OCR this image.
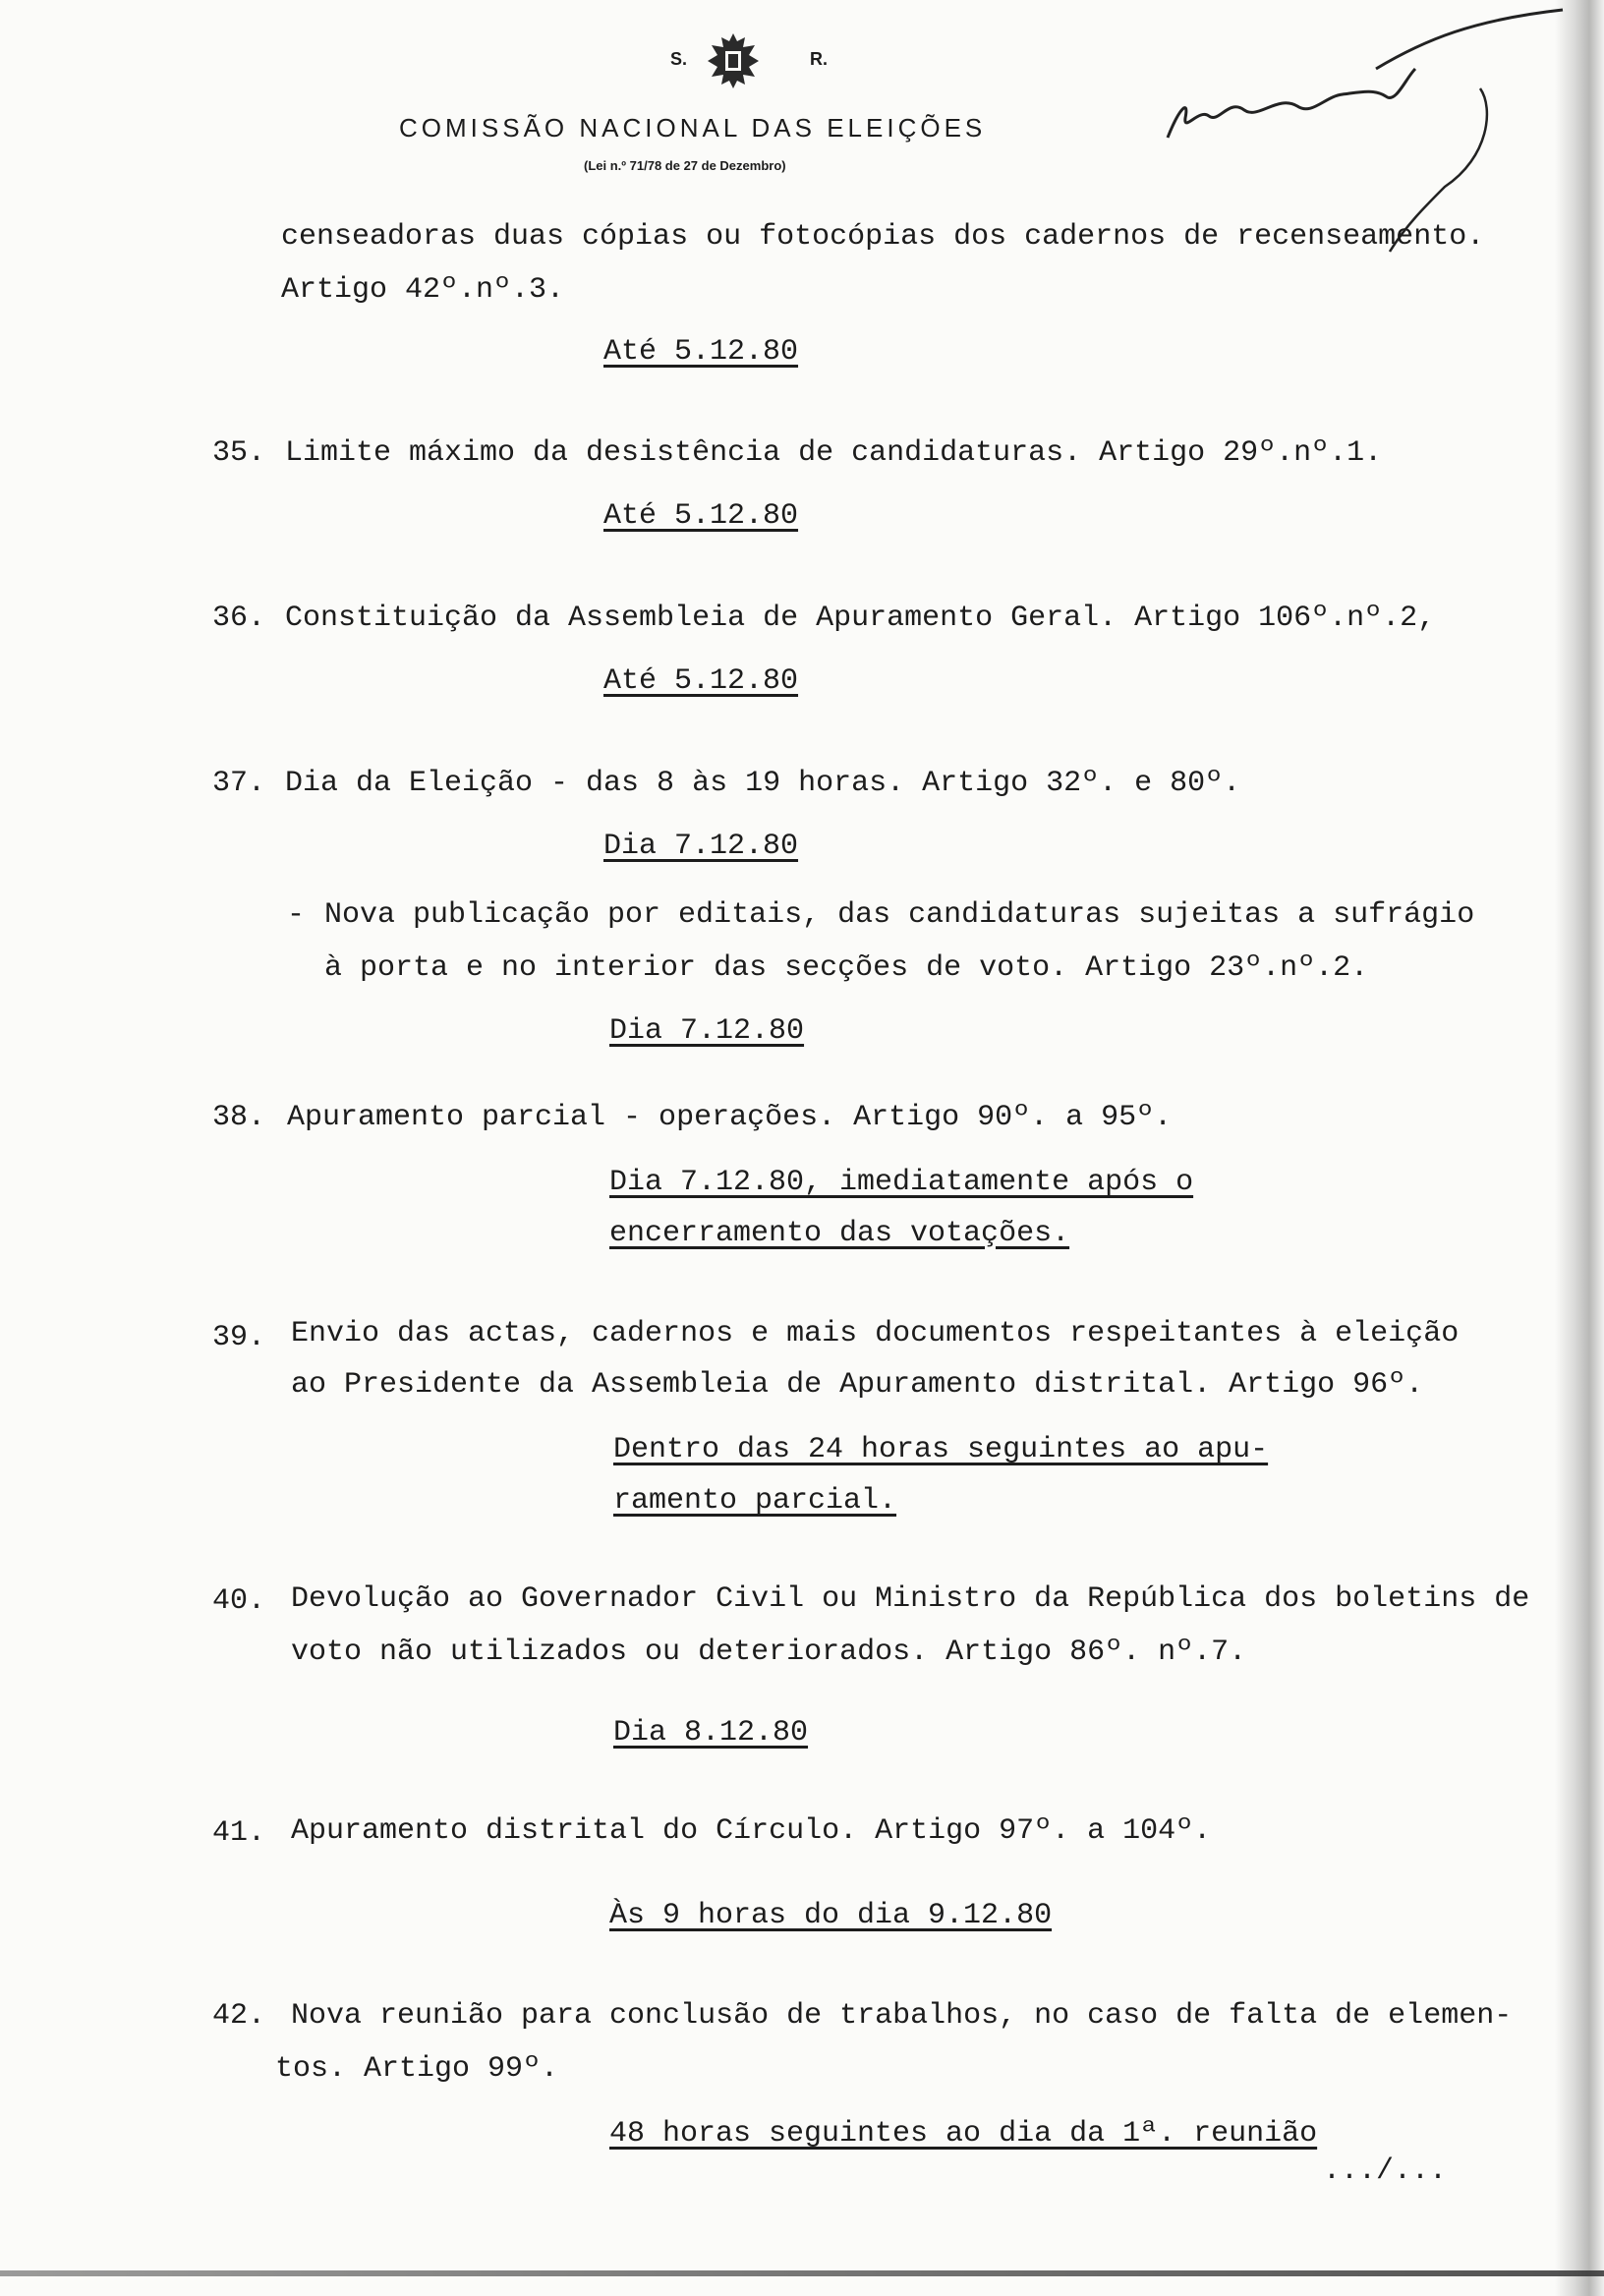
S.	R.
COMISSÃO NACIONAL DAS ELEIÇÕES
(Lei n.º 71/78 de 27 de Dezembro)
censeadoras duas cópias ou fotocópias dos cadernos de recenseamento.
Artigo 42º.nº.3.
Até 5.12.80
35. Limite máximo da desistência de candidaturas. Artigo 29º.nº.1.
Até 5.12.80
36. Constituição da Assembleia de Apuramento Geral. Artigo 106º.nº.2,
Até 5.12.80
37. Dia da Eleição - das 8 às 19 horas. Artigo 32º. e 80º.
Dia 7.12.80
- Nova publicação por editais, das candidaturas sujeitas a sufrágio
à porta e no interior das secções de voto. Artigo 23º.nº.2.
Dia 7.12.80
38. Apuramento parcial - operações. Artigo 90º. a 95º.
Dia 7.12.80, imediatamente após o
encerramento das votações.
39. Envio das actas, cadernos e mais documentos respeitantes à eleição
ao Presidente da Assembleia de Apuramento distrital. Artigo 96º.
Dentro das 24 horas seguintes ao apu-
ramento parcial.
40. Devolução ao Governador Civil ou Ministro da República dos boletins de
voto não utilizados ou deteriorados. Artigo 86º. nº.7.
Dia 8.12.80
41. Apuramento distrital do Círculo. Artigo 97º. a 104º.
Às 9 horas do dia 9.12.80
42. Nova reunião para conclusão de trabalhos, no caso de falta de elemen-
tos. Artigo 99º.
48 horas seguintes ao dia da 1ª. reunião
.../...
